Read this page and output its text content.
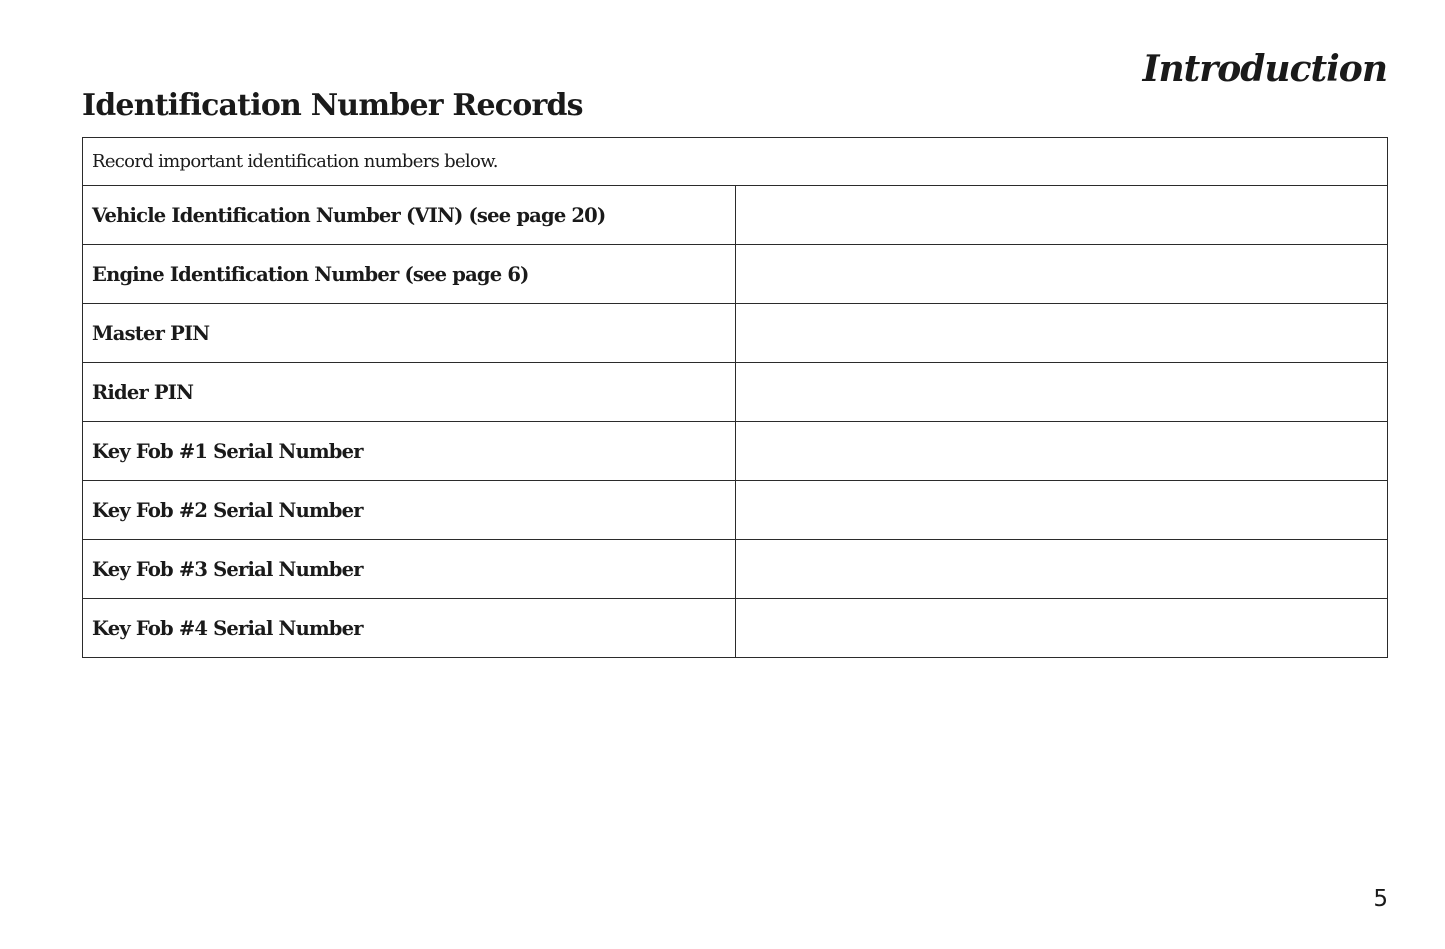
Introduction
Identification Number Records
Record important identification numbers below.	
Vehicle Identification Number (VIN) (see page 20)	
Engine Identification Number (see page 6)	
Master PIN	
Rider PIN	
Key Fob #1 Serial Number	
Key Fob #2 Serial Number	
Key Fob #3 Serial Number	
Key Fob #4 Serial Number	
5
